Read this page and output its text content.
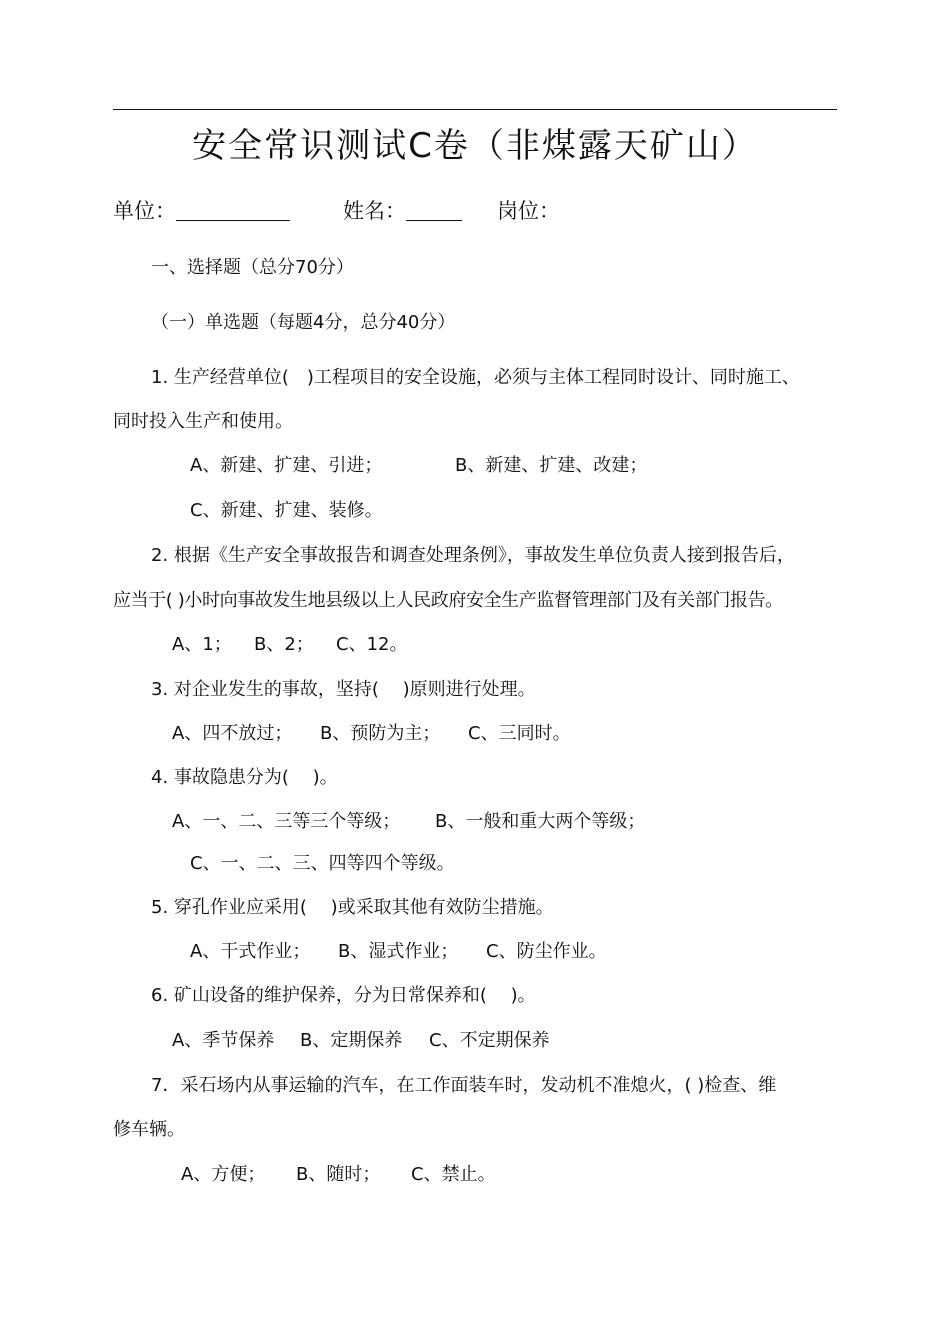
安全常识测试C卷（非煤露天矿山）
单位：	姓名：	岗位：
一、选择题（总分70分）
（一）单选题（每题4分，总分40分）
1. 生产经营单位(　)工程项目的安全设施，必须与主体工程同时设计、同时施工、
同时投入生产和使用。
A、新建、扩建、引进；	B、新建、扩建、改建；
C、新建、扩建、装修。
2. 根据《生产安全事故报告和调查处理条例》，事故发生单位负责人接到报告后，
应当于( )小时向事故发生地县级以上人民政府安全生产监督管理部门及有关部门报告。
A、1； B、2； C、12。
3. 对企业发生的事故，坚持(　 )原则进行处理。
A、四不放过； B、预防为主； C、三同时。
4. 事故隐患分为(　 )。
A、一、二、三等三个等级； B、一般和重大两个等级；
C、一、二、三、四等四个等级。
5. 穿孔作业应采用(　 )或采取其他有效防尘措施。
A、干式作业； B、湿式作业； C、防尘作业。
6. 矿山设备的维护保养，分为日常保养和(　 )。
A、季节保养 B、定期保养 C、不定期保养
7．采石场内从事运输的汽车，在工作面装车时，发动机不准熄火，( )检查、维
修车辆。
A、方便； B、随时； C、禁止。
